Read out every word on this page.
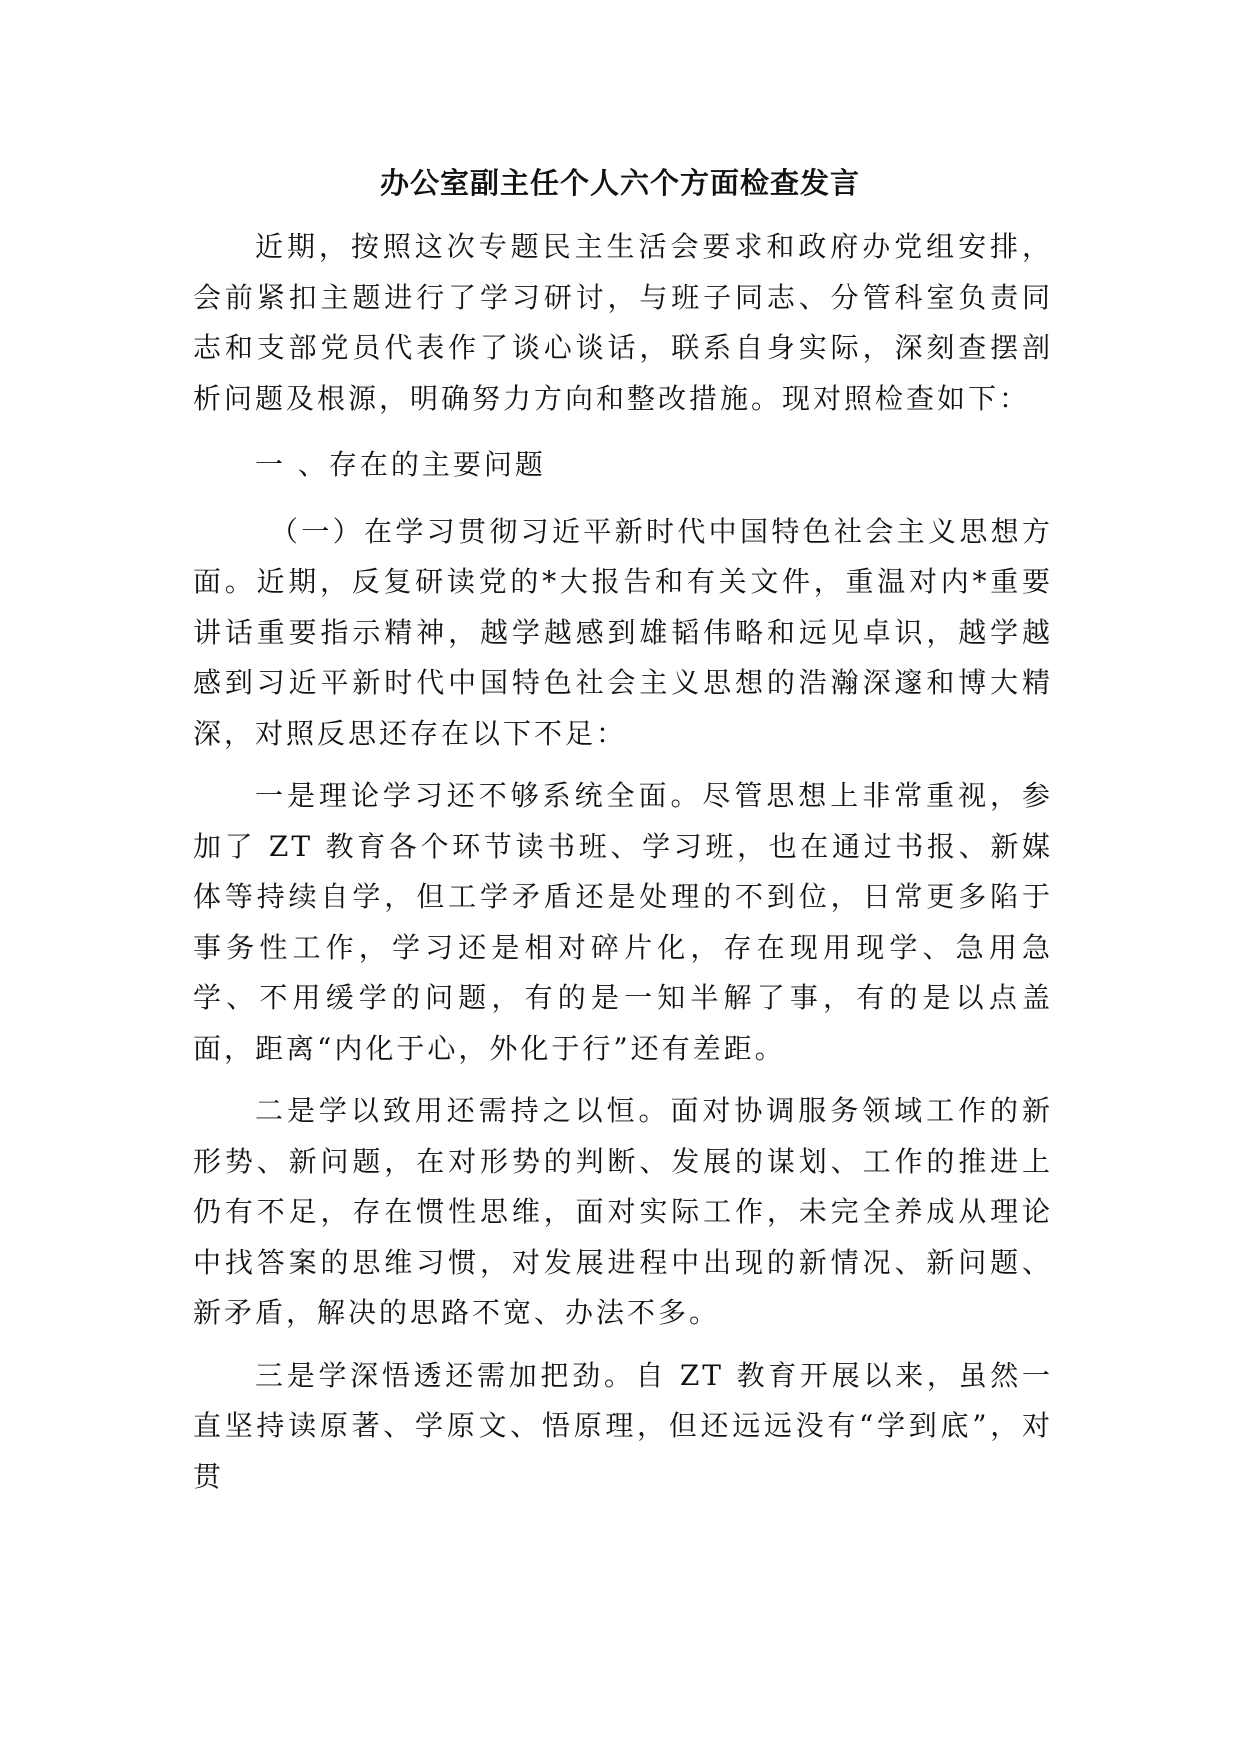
办公室副主任个人六个方面检查发言

近期，按照这次专题民主生活会要求和政府办党组安排，会前紧扣主题进行了学习研讨，与班子同志、分管科室负责同志和支部党员代表作了谈心谈话，联系自身实际，深刻查摆剖析问题及根源，明确努力方向和整改措施。现对照检查如下：

一 、存在的主要问题

（一）在学习贯彻习近平新时代中国特色社会主义思想方面。近期，反复研读党的*大报告和有关文件，重温对内*重要讲话重要指示精神，越学越感到雄韬伟略和远见卓识，越学越感到习近平新时代中国特色社会主义思想的浩瀚深邃和博大精深，对照反思还存在以下不足：

一是理论学习还不够系统全面。尽管思想上非常重视，参加了 ZT 教育各个环节读书班、学习班，也在通过书报、新媒体等持续自学，但工学矛盾还是处理的不到位，日常更多陷于事务性工作，学习还是相对碎片化，存在现用现学、急用急学、不用缓学的问题，有的是一知半解了事，有的是以点盖面，距离“内化于心，外化于行”还有差距。

二是学以致用还需持之以恒。面对协调服务领域工作的新形势、新问题，在对形势的判断、发展的谋划、工作的推进上仍有不足，存在惯性思维，面对实际工作，未完全养成从理论中找答案的思维习惯，对发展进程中出现的新情况、新问题、新矛盾，解决的思路不宽、办法不多。

三是学深悟透还需加把劲。自 ZT 教育开展以来，虽然一直坚持读原著、学原文、悟原理，但还远远没有“学到底”，对贯
